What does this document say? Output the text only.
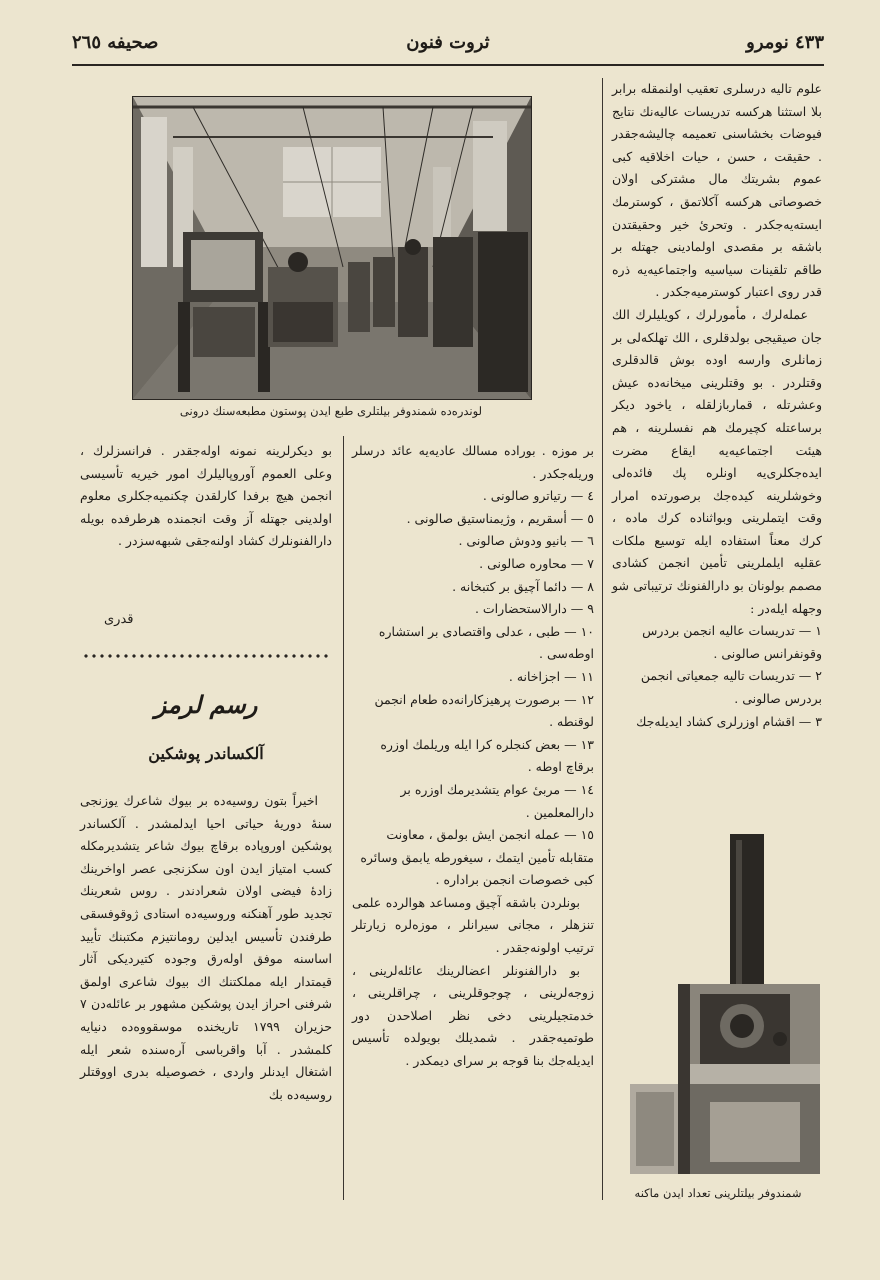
٤٣٣ نومرو
ثروت فنون
صحيفه ٢٦٥
لوندره‌ده شمندوفر بيلتلری طبع ايدن پوستون مطبعه‌سنك درونی

علوم تاليه درسلری تعقيب اولنمقله برابر بلا استثنا هركسه تدريسات عاليه‌نك نتايج فيوضات بخشاسنی تعميمه چاليشه‌جقدر . حقيقت ، حسن ، حيات اخلاقيه كبی عموم بشريتك مال مشتركی اولان خصوصاتی هركسه آكلاتمق ، كوسترمك ايسته‌يه‌جكدر . وتحریٔ خير وحقيقتدن باشقه بر مقصدی اولمادينی جهتله بر طاقم تلقينات سياسيه واجتماعيه‌يه ذره قدر روی اعتبار كوسترميه‌جكدر .

عمله‌لرك ، مأمورلرك ، كويليلرك الك جان صيقيجی بولدقلری ، الك تهلكه‌لی بر زمانلری وارسه اوده بوش قالدقلری وقتلردر . بو وقتلرينی ميخانه‌ده عيش وعشرتله ، قماربازلقله ، ياخود ديكر برساعتله كچيرمك هم نفسلرينه ، هم هيئت اجتماعيه‌يه ايقاع مضرت ايده‌جكلری‌يه اونلره پك فائده‌لی وخوشلرينه كيده‌جك برصورتده امرار وقت ايتملرينی وبواثناده كرك ماده ، كرك معناً استفاده ايله توسيع ملكات عقليه ايلملرينی تأمين انجمن كشادی مصمم بولونان بو دارالفنونك ترتيباتی شو وجهله ايله‌در :

١ — تدريسات عاليه انجمن بردرس وقونفرانس صالونی .

٢ — تدريسات تاليه جمعياتی انجمن بردرس صالونی .

٣ — اقشام اوزرلری كشاد ايديله‌جك

شمندوفر بيلتلرينی تعداد ايدن ماكنه

بر موزه . بوراده مسالك عاديه‌يه عائد درسلر وريله‌جكدر .

٤ — رتياترو صالونی .

٥ — أسقريم ، وژيمناستيق صالونی .

٦ — بانيو ودوش صالونی .

٧ — محاوره صالونی .

٨ — دائما آچيق بر كتبخانه .

٩ — دارالاستحضارات .

١٠ — طبی ، عدلی واقتصادی بر استشاره اوطه‌سی .

١١ — اجزاخانه .

١٢ — برصورت پرهيزكارانه‌ده طعام انجمن لوقنطه .

١٣ — بعض كنجلره كرا ايله وريلمك اوزره برقاچ اوطه .

١٤ — مربیٔ عوام يتشديرمك اوزره بر دارالمعلمين .

١٥ — عمله انجمن ايش بولمق ، معاونت متقابله تأمين ايتمك ، سيغورطه يابمق وسائره كبی خصوصات انجمن براداره .

بونلردن باشقه آچيق ومساعد هوالرده علمی تنزهلر ، مجانی سيرانلر ، موزه‌لره زيارتلر ترتيب اولونه‌جقدر .

بو دارالفنونلر اعضالرينك عائله‌لرينی ، زوجه‌لرينی ، چوجوقلرينی ، چراقلرينی ، خدمتجيلرينی دخی نظر اصلاحدن دور طوتميه‌جقدر . شمديلك بويولده تأسيس ايديله‌جك بنا قوجه بر سرای ديمكدر .

بو ديكرلرينه نمونه اوله‌جقدر . فرانسزلرك ، وعلی العموم آوروپاليلرك امور خيريه تأسيسی انجمن هيچ برفدا كارلقدن چكنميه‌جكلری معلوم اولدينی جهتله آز وقت انجمنده هرطرفده بويله دارالفنونلرك كشاد اولنه‌جقی شبهه‌سزدر .

قدری
رسم لرمز
آلكساندر پوشكين

اخيراً بتون روسيه‌ده بر بيوك شاعرك يوزنجی سنهٔ دوريهٔ حياتی احيا ايدلمشدر . آلكساندر پوشكين اوروپاده برقاچ بيوك شاعر يتشديرمكله كسب امتياز ايدن اون سكزنجی عصر اواخرينك زادهٔ فيضی اولان شعرادندر . روس شعرينك تجديد طور آهنكنه وروسيه‌ده استادی ژوقوفسقی طرفندن تأسيس ايدلين رومانتيزم مكتبنك تأييد اساسنه موفق اوله‌رق وجوده كتيرديكی آثار قيمتدار ايله مملكتنك اك بيوك شاعری اولمق شرفنی احراز ايدن پوشكين مشهور بر عائله‌دن ٧ حزيران ١٧٩٩ تاريخنده موسقووه‌ده دنيايه كلمشدر . آبا واقرباسی آره‌سنده شعر ايله اشتغال ايدنلر واردی ، خصوصيله بدری اووقتلر روسيه‌ده بك
